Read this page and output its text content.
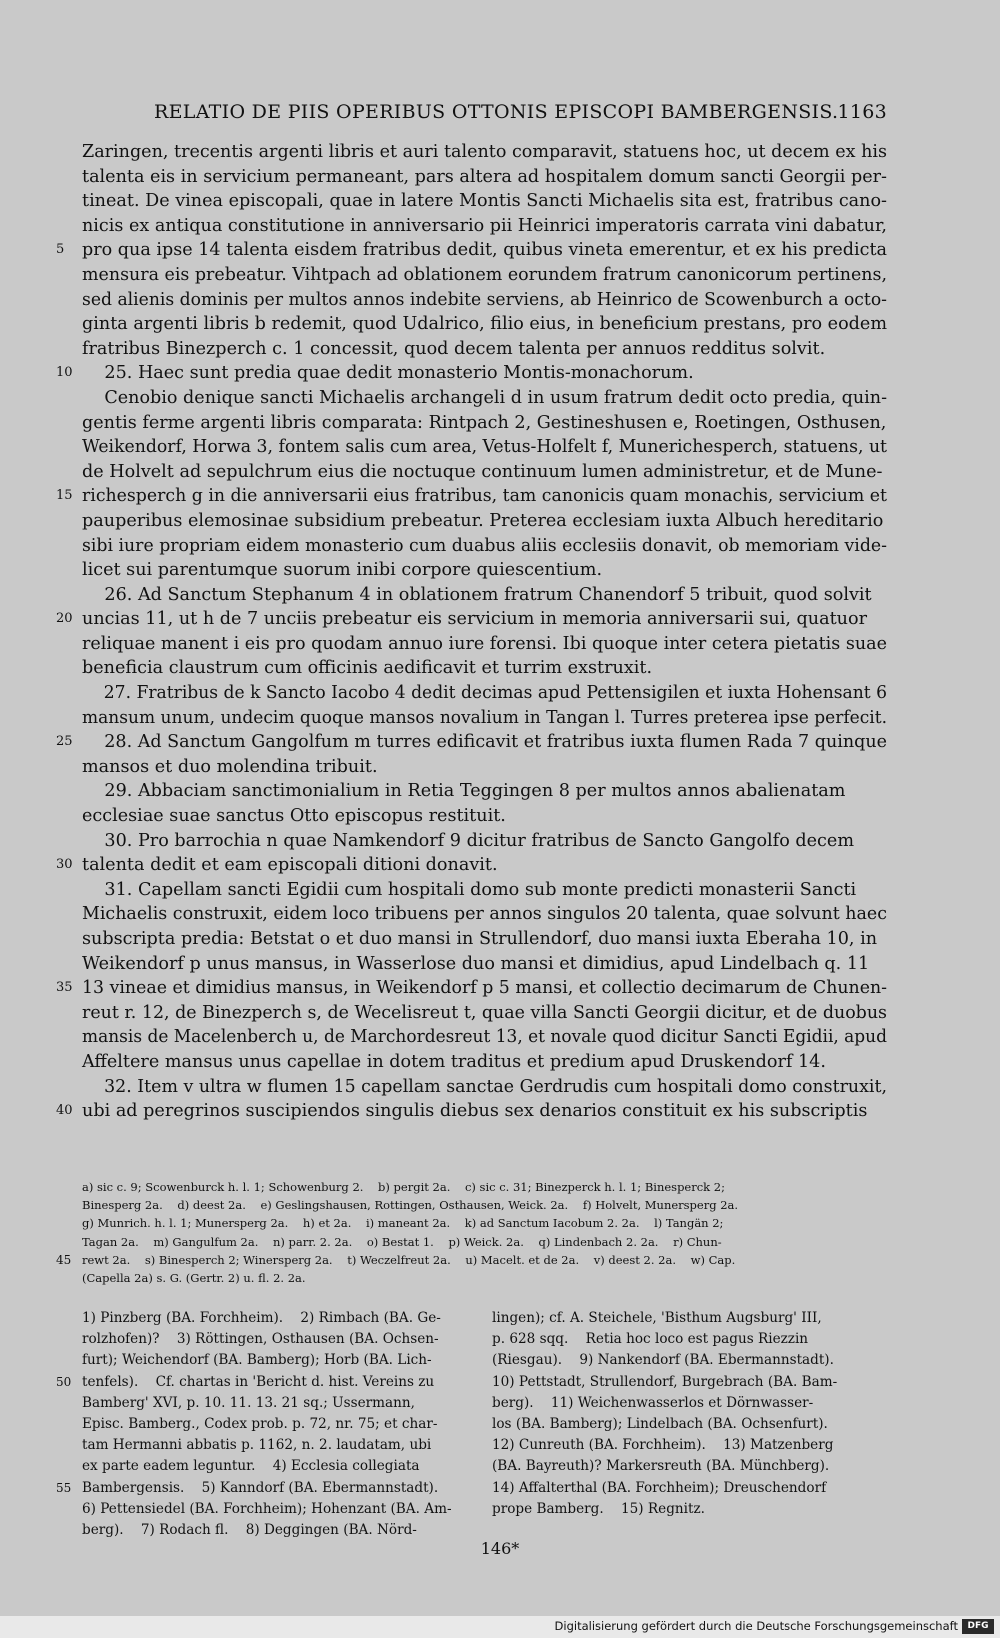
RELATIO DE PIIS OPERIBUS OTTONIS EPISCOPI BAMBERGENSIS. 1163
Zaringen, trecentis argenti libris et auri talento comparavit, statuens hoc, ut decem ex his
talenta eis in servicium permaneant, pars altera ad hospitalem domum sancti Georgii per-
tineat. De vinea episcopali, quae in latere Montis Sancti Michaelis sita est, fratribus cano-
nicis ex antiqua constitutione in anniversario pii Heinrici imperatoris carrata vini dabatur,
5	pro qua ipse 14 talenta eisdem fratribus dedit, quibus vineta emerentur, et ex his predicta
mensura eis prebeatur. Vihtpach ad oblationem eorundem fratrum canonicorum pertinens,
sed alienis dominis per multos annos indebite serviens, ab Heinrico de Scowenburch a octo-
ginta argenti libris b redemit, quod Udalrico, filio eius, in beneficium prestans, pro eodem
fratribus Binezperch c. 1 concessit, quod decem talenta per annuos redditus solvit.
10 25. Haec sunt predia quae dedit monasterio Montis-monachorum.
Cenobio denique sancti Michaelis archangeli d in usum fratrum dedit octo predia, quin-
gentis ferme argenti libris comparata: Rintpach 2, Gestineshusen e, Roetingen, Osthusen,
Weikendorf, Horwa 3, fontem salis cum area, Vetus-Holfelt f, Munerichesperch, statuens, ut
de Holvelt ad sepulchrum eius die noctuque continuum lumen administretur, et de Mune-
15 richesperch g in die anniversarii eius fratribus, tam canonicis quam monachis, servicium et
pauperibus elemosinae subsidium prebeatur. Preterea ecclesiam iuxta Albuch hereditario
sibi iure propriam eidem monasterio cum duabus aliis ecclesiis donavit, ob memoriam vide-
licet sui parentumque suorum inibi corpore quiescentium.
26. Ad Sanctum Stephanum 4 in oblationem fratrum Chanendorf 5 tribuit, quod solvit
20 uncias 11, ut h de 7 unciis prebeatur eis servicium in memoria anniversarii sui, quatuor
reliquae manent i eis pro quodam annuo iure forensi. Ibi quoque inter cetera pietatis suae
beneficia claustrum cum officinis aedificavit et turrim exstruxit.
27. Fratribus de k Sancto Iacobo 4 dedit decimas apud Pettensigilen et iuxta Hohensant 6
mansum unum, undecim quoque mansos novalium in Tangan l. Turres preterea ipse perfecit.
25 28. Ad Sanctum Gangolfum m turres edificavit et fratribus iuxta flumen Rada 7 quinque
mansos et duo molendina tribuit.
29. Abbaciam sanctimonialium in Retia Teggingen 8 per multos annos abalienatam
ecclesiae suae sanctus Otto episcopus restituit.
30. Pro barrochia n quae Namkendorf 9 dicitur fratribus de Sancto Gangolfo decem
30 talenta dedit et eam episcopali ditioni donavit.
31. Capellam sancti Egidii cum hospitali domo sub monte predicti monasterii Sancti
Michaelis construxit, eidem loco tribuens per annos singulos 20 talenta, quae solvunt haec
subscripta predia: Betstat o et duo mansi in Strullendorf, duo mansi iuxta Eberaha 10, in
Weikendorf p unus mansus, in Wasserlose duo mansi et dimidius, apud Lindelbach q. 11
35 13 vineae et dimidius mansus, in Weikendorf p 5 mansi, et collectio decimarum de Chunen-
reut r. 12, de Binezperch s, de Wecelisreut t, quae villa Sancti Georgii dicitur, et de duobus
mansis de Macelenberch u, de Marchordesreut 13, et novale quod dicitur Sancti Egidii, apud
Affeltere mansus unus capellae in dotem traditus et predium apud Druskendorf 14.
32. Item v ultra w flumen 15 capellam sanctae Gerdrudis cum hospitali domo construxit,
40 ubi ad peregrinos suscipiendos singulis diebus sex denarios constituit ex his subscriptis
a) sic c. 9; Scowenburck h. l. 1; Schowenburg 2.    b) pergit 2a.    c) sic c. 31; Binezperck h. l. 1; Binesperck 2;
Binesperg 2a.    d) deest 2a.    e) Geslingshausen, Rottingen, Osthausen, Weick. 2a.    f) Holvelt, Munersperg 2a.
g) Munrich. h. l. 1; Munersperg 2a.    h) et 2a.    i) maneant 2a.    k) ad Sanctum Iacobum 2. 2a.    l) Tangän 2;
Tagan 2a.    m) Gangulfum 2a.    n) parr. 2. 2a.    o) Bestat 1.    p) Weick. 2a.    q) Lindenbach 2. 2a.    r) Chun-
45 rewt 2a.    s) Binesperch 2; Winersperg 2a.    t) Weczelfreut 2a.    u) Macelt. et de 2a.    v) deest 2. 2a.    w) Cap.
(Capella 2a) s. G. (Gertr. 2) u. fl. 2. 2a.
1) Pinzberg (BA. Forchheim).    2) Rimbach (BA. Ge-
rolzhofen)?    3) Röttingen, Osthausen (BA. Ochsen-
furt); Weichendorf (BA. Bamberg); Horb (BA. Lich-
50 tenfels).    Cf. chartas in 'Bericht d. hist. Vereins zu
Bamberg' XVI, p. 10. 11. 13. 21 sq.; Ussermann,
Episc. Bamberg., Codex prob. p. 72, nr. 75; et char-
tam Hermanni abbatis p. 1162, n. 2. laudatam, ubi
ex parte eadem leguntur.    4) Ecclesia collegiata
55 Bambergensis.    5) Kanndorf (BA. Ebermannstadt).
6) Pettensiedel (BA. Forchheim); Hohenzant (BA. Am-
berg).    7) Rodach fl.    8) Deggingen (BA. Nörd-
lingen); cf. A. Steichele, 'Bisthum Augsburg' III,
p. 628 sqq.    Retia hoc loco est pagus Riezzin
(Riesgau).    9) Nankendorf (BA. Ebermannstadt).
10) Pettstadt, Strullendorf, Burgebrach (BA. Bam-
berg).    11) Weichenwasserlos et Dörnwasser-
los (BA. Bamberg); Lindelbach (BA. Ochsenfurt).
12) Cunreuth (BA. Forchheim).    13) Matzenberg
(BA. Bayreuth)? Markersreuth (BA. Münchberg).
14) Affalterthal (BA. Forchheim); Dreuschendorf
prope Bamberg.    15) Regnitz.
146*
Digitalisierung gefördert durch die Deutsche Forschungsgemeinschaft	DFG
